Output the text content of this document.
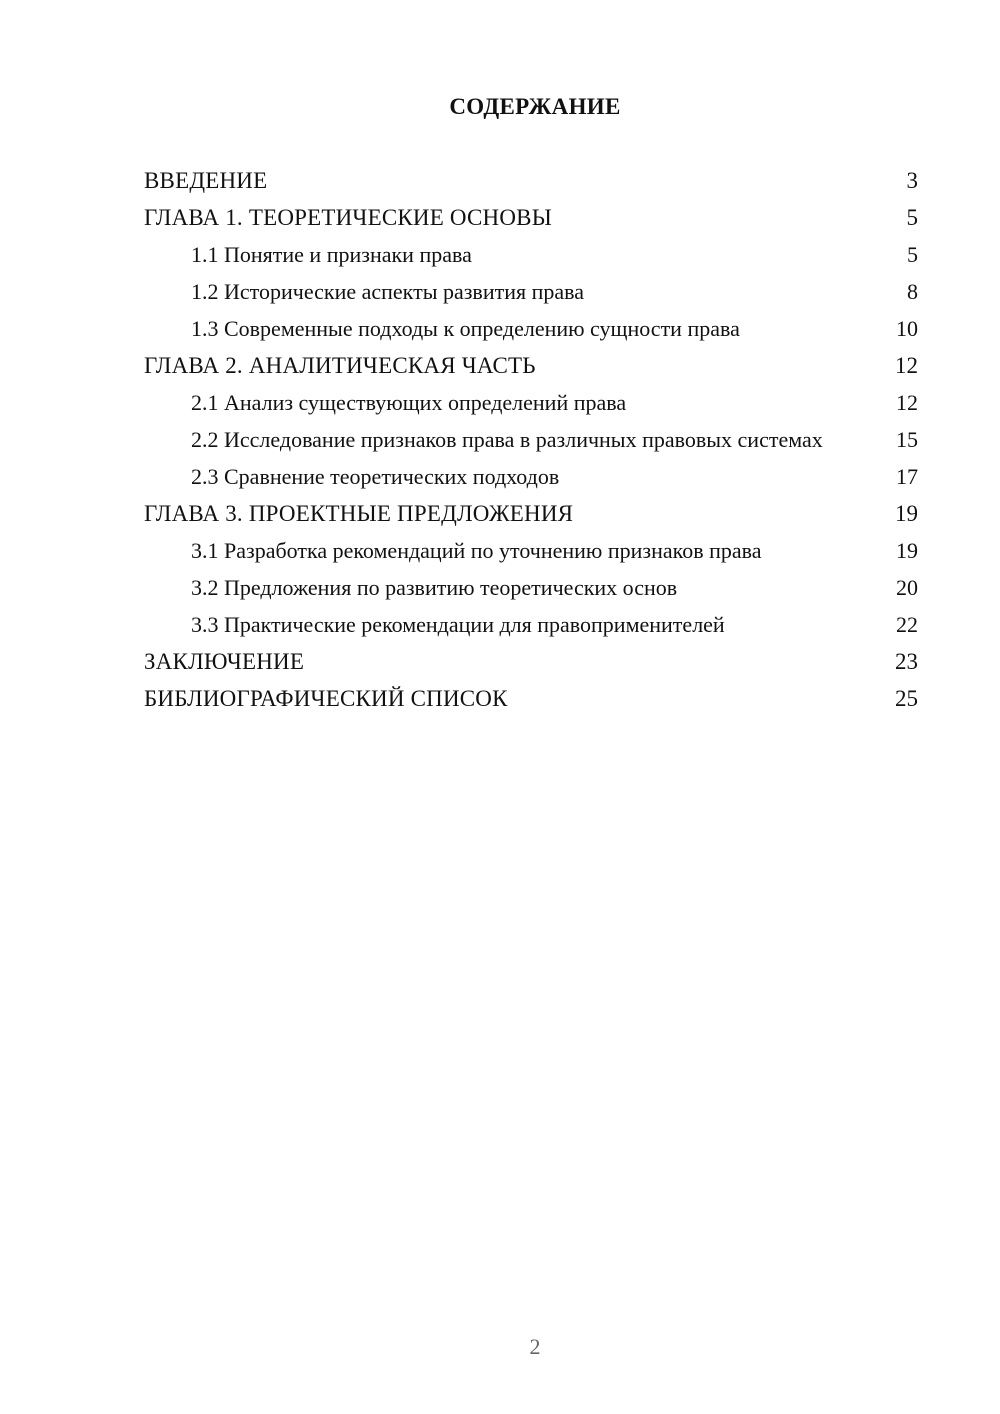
СОДЕРЖАНИЕ
ВВЕДЕНИЕ	3
ГЛАВА 1. ТЕОРЕТИЧЕСКИЕ ОСНОВЫ	5
1.1 Понятие и признаки права	5
1.2 Исторические аспекты развития права	8
1.3 Современные подходы к определению сущности права	10
ГЛАВА 2. АНАЛИТИЧЕСКАЯ ЧАСТЬ	12
2.1 Анализ существующих определений права	12
2.2 Исследование признаков права в различных правовых системах	15
2.3 Сравнение теоретических подходов	17
ГЛАВА 3. ПРОЕКТНЫЕ ПРЕДЛОЖЕНИЯ	19
3.1 Разработка рекомендаций по уточнению признаков права	19
3.2 Предложения по развитию теоретических основ	20
3.3 Практические рекомендации для правоприменителей	22
ЗАКЛЮЧЕНИЕ	23
БИБЛИОГРАФИЧЕСКИЙ СПИСОК	25
2
